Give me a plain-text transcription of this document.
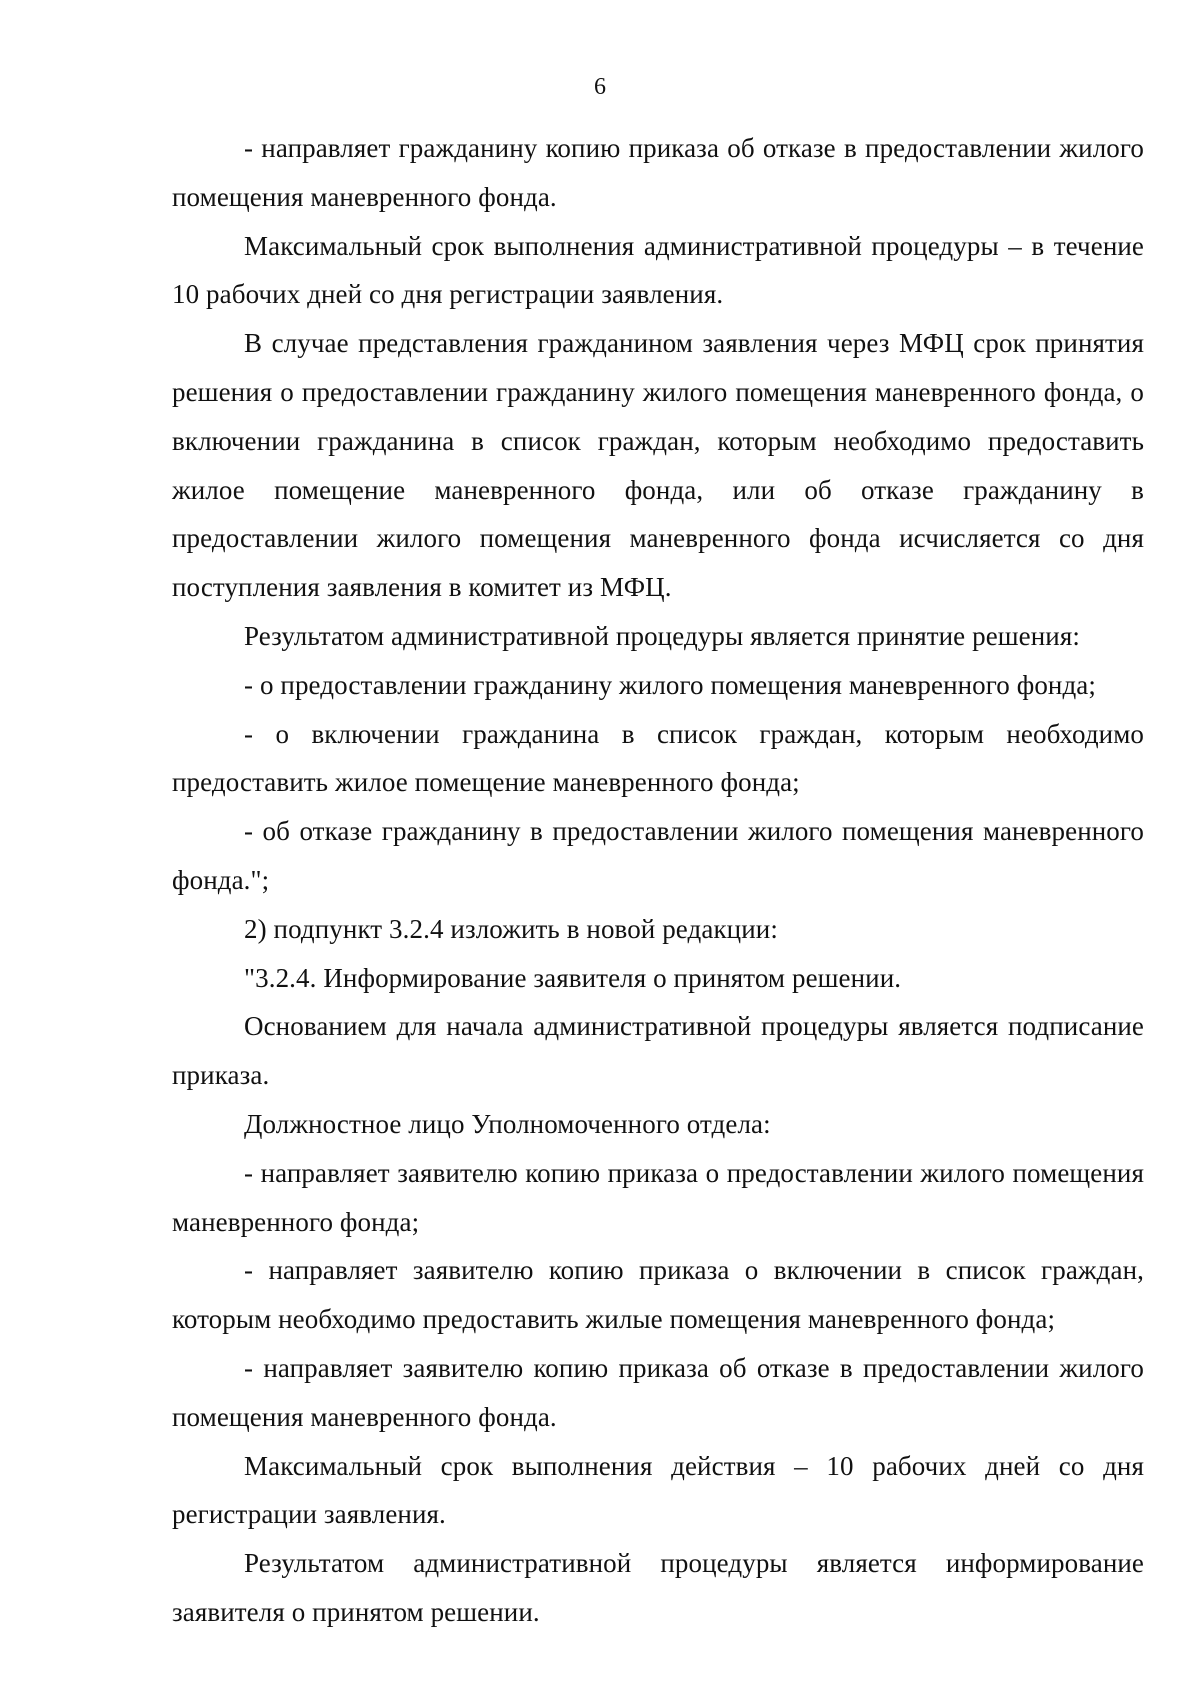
6

- направляет гражданину копию приказа об отказе в предоставлении жилого помещения маневренного фонда.

Максимальный срок выполнения административной процедуры – в течение 10 рабочих дней со дня регистрации заявления.

В случае представления гражданином заявления через МФЦ срок принятия решения о предоставлении гражданину жилого помещения маневренного фонда, о включении гражданина в список граждан, которым необходимо предоставить жилое помещение маневренного фонда, или об отказе гражданину в предоставлении жилого помещения маневренного фонда исчисляется со дня поступления заявления в комитет из МФЦ.

Результатом административной процедуры является принятие решения:

- о предоставлении гражданину жилого помещения маневренного фонда;

- о включении гражданина в список граждан, которым необходимо предоставить жилое помещение маневренного фонда;

- об отказе гражданину в предоставлении жилого помещения маневренного фонда.";

2) подпункт 3.2.4 изложить в новой редакции:

"3.2.4. Информирование заявителя о принятом решении.

Основанием для начала административной процедуры является подписание приказа.

Должностное лицо Уполномоченного отдела:

- направляет заявителю копию приказа о предоставлении жилого помещения маневренного фонда;

- направляет заявителю копию приказа о включении в список граждан, которым необходимо предоставить жилые помещения маневренного фонда;

- направляет заявителю копию приказа об отказе в предоставлении жилого помещения маневренного фонда.

Максимальный срок выполнения действия – 10 рабочих дней со дня регистрации заявления.

Результатом административной процедуры является информирование заявителя о принятом решении.
